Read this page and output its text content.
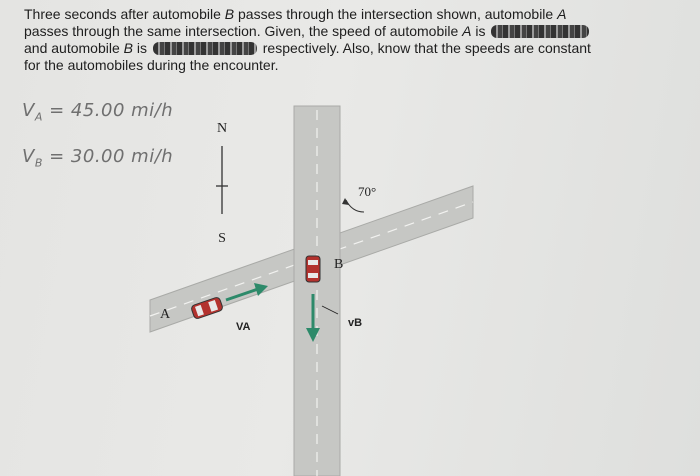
Three seconds after automobile B passes through the intersection shown, automobile A
passes through the same intersection. Given, the speed of automobile A is
and automobile B is	respectively. Also, know that the speeds are constant
for the automobiles during the encounter.
$V_A = 45.00$ mi/h
$V_B = 30.00$ mi/h
N
S
70°
B
vB
A
VA
